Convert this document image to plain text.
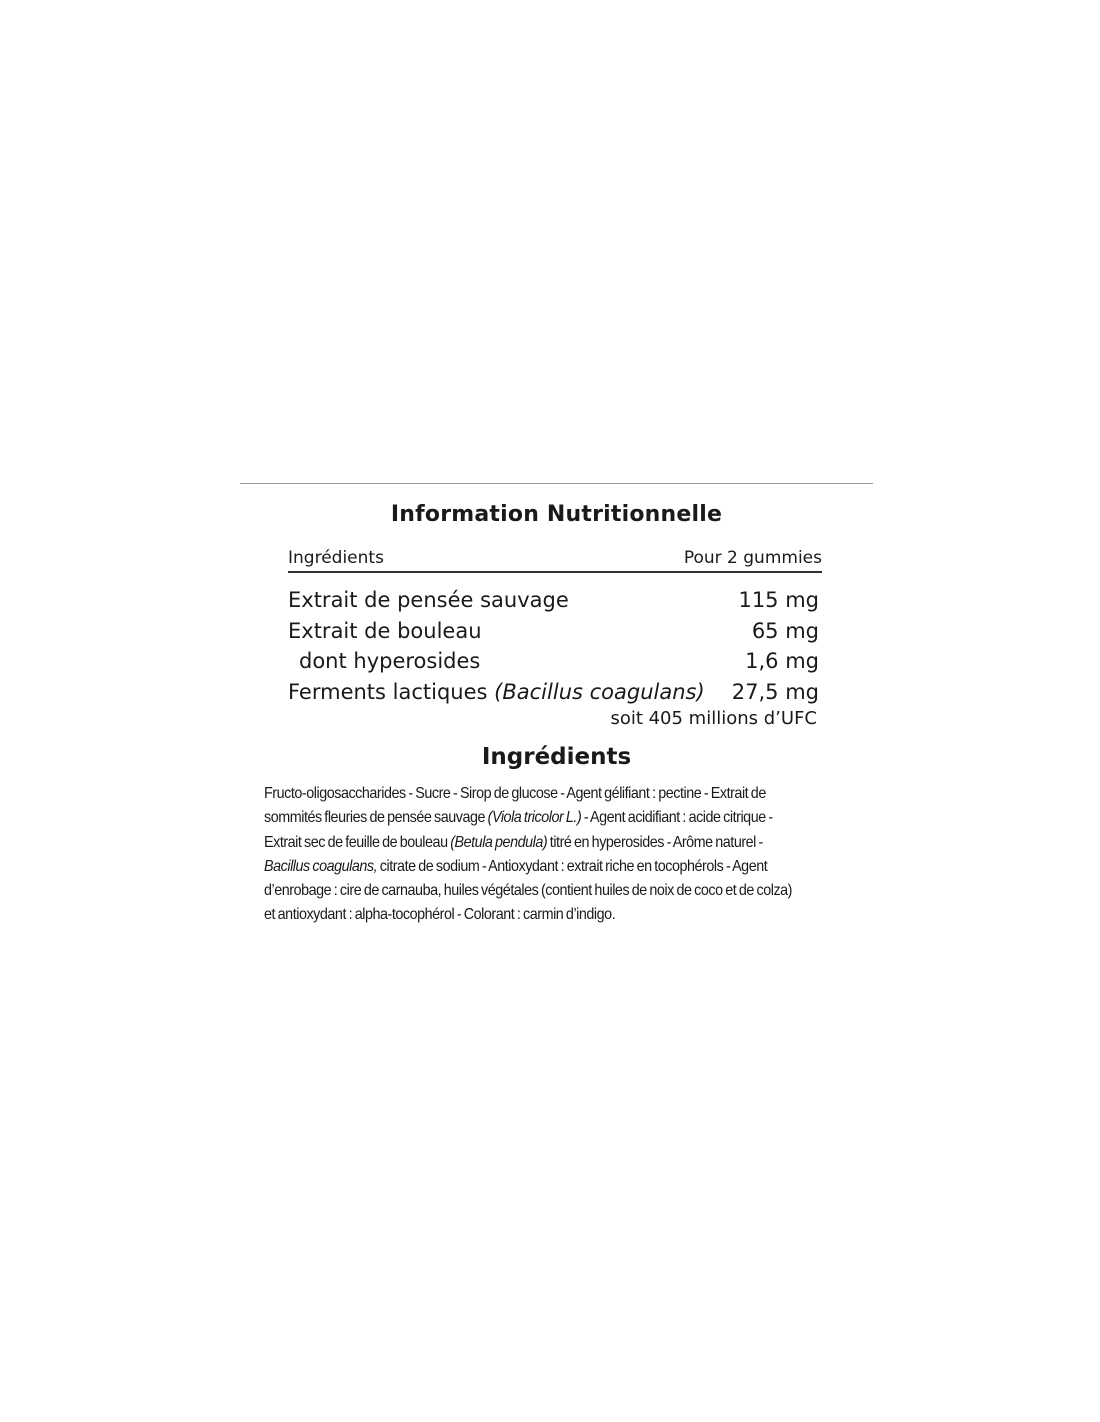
Information Nutritionnelle
Ingrédients	Pour 2 gummies
Extrait de pensée sauvage	115 mg
Extrait de bouleau	65 mg
dont hyperosides	1,6 mg
Ferments lactiques (Bacillus coagulans) 27,5 mg
soit 405 millions d’UFC
Ingrédients
Fructo-oligosaccharides - Sucre - Sirop de glucose - Agent gélifiant : pectine - Extrait de
sommités fleuries de pensée sauvage (Viola tricolor L.) - Agent acidifiant : acide citrique -
Extrait sec de feuille de bouleau (Betula pendula) titré en hyperosides - Arôme naturel -
Bacillus coagulans, citrate de sodium - Antioxydant : extrait riche en tocophérols - Agent
d’enrobage : cire de carnauba, huiles végétales (contient huiles de noix de coco et de colza)
et antioxydant : alpha-tocophérol - Colorant : carmin d’indigo.
